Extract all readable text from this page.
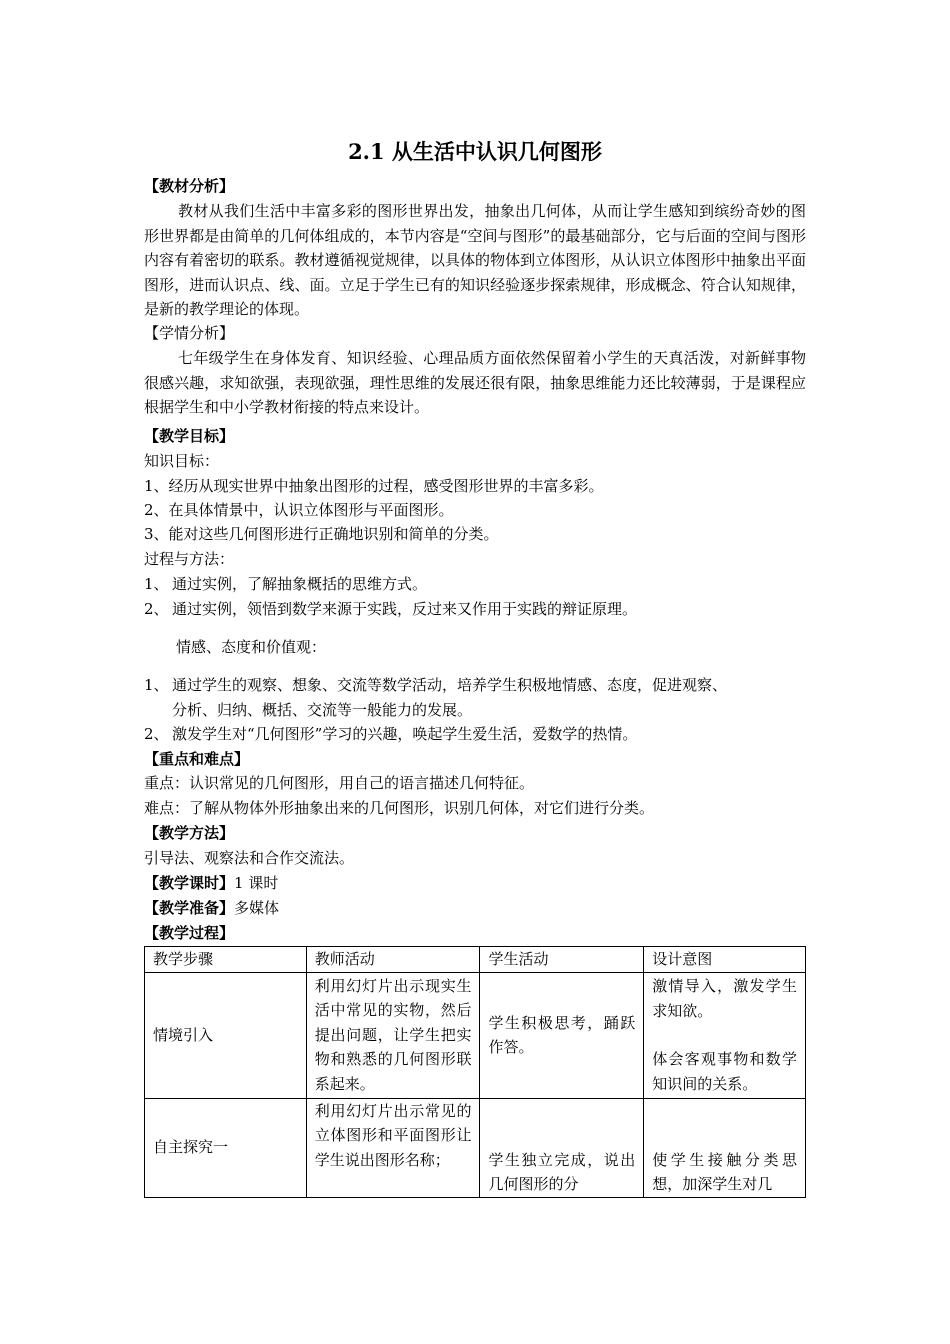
2.1 从生活中认识几何图形
【教材分析】
教材从我们生活中丰富多彩的图形世界出发，抽象出几何体，从而让学生感知到缤纷奇妙的图形世界都是由简单的几何体组成的，本节内容是“空间与图形”的最基础部分，它与后面的空间与图形内容有着密切的联系。教材遵循视觉规律，以具体的物体到立体图形，从认识立体图形中抽象出平面图形，进而认识点、线、面。立足于学生已有的知识经验逐步探索规律，形成概念、符合认知规律，是新的教学理论的体现。
【学情分析】
七年级学生在身体发育、知识经验、心理品质方面依然保留着小学生的天真活泼，对新鲜事物很感兴趣，求知欲强，表现欲强，理性思维的发展还很有限，抽象思维能力还比较薄弱，于是课程应根据学生和中小学教材衔接的特点来设计。
【教学目标】
知识目标：
1、经历从现实世界中抽象出图形的过程，感受图形世界的丰富多彩。
2、在具体情景中，认识立体图形与平面图形。
3、能对这些几何图形进行正确地识别和简单的分类。
过程与方法：
1、 通过实例，了解抽象概括的思维方式。
2、 通过实例，领悟到数学来源于实践，反过来又作用于实践的辩证原理。
情感、态度和价值观：
1、 通过学生的观察、想象、交流等数学活动，培养学生积极地情感、态度，促进观察、
分析、归纳、概括、交流等一般能力的发展。
2、 激发学生对“几何图形”学习的兴趣，唤起学生爱生活，爱数学的热情。
【重点和难点】
重点：认识常见的几何图形，用自己的语言描述几何特征。
难点：了解从物体外形抽象出来的几何图形，识别几何体，对它们进行分类。
【教学方法】
引导法、观察法和合作交流法。
【教学课时】1 课时
【教学准备】多媒体
【教学过程】
教学步骤	教师活动	学生活动	设计意图
情境引入	利用幻灯片出示现实生活中常见的实物，然后提出问题，让学生把实物和熟悉的几何图形联系起来。	学生积极思考，踊跃作答。	激情导入，激发学生求知欲。
体会客观事物和数学知识间的关系。

自主探究一	利用幻灯片出示常见的立体图形和平面图形让学生说出图形名称；	学生独立完成，说出几何图形的分	使学生接触分类思想，加深学生对几
